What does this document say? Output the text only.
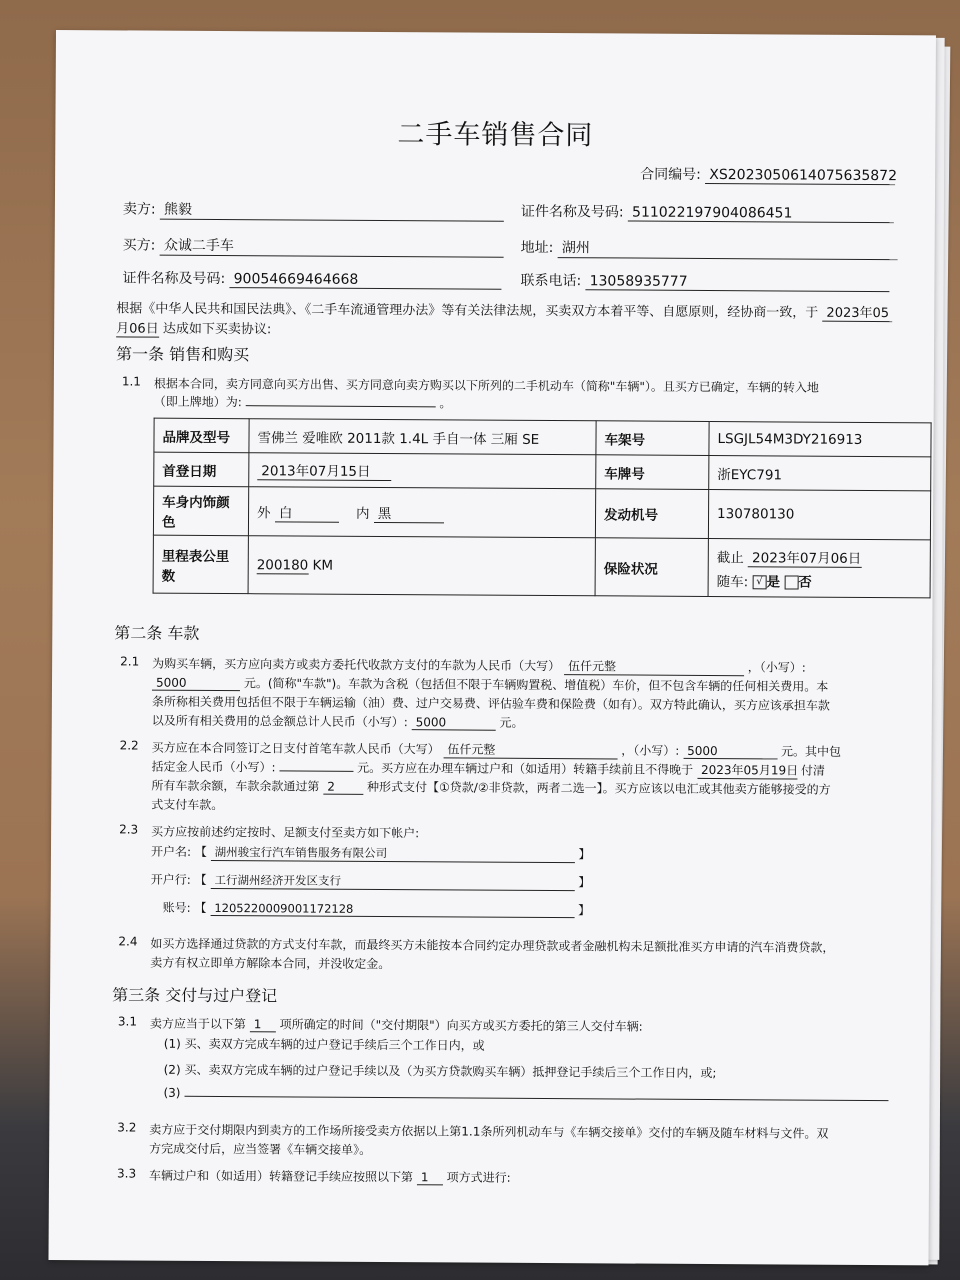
二手车销售合同
合同编号: XS2023050614075635872
卖方: 熊毅	证件名称及号码: 511022197904086451
买方: 众诚二手车	地址: 湖州
证件名称及号码: 90054669464668	联系电话: 13058935777
根据《中华人民共和国民法典》、《二手车流通管理办法》等有关法律法规，买卖双方本着平等、自愿原则，经协商一致，于 2023年05
月06日 达成如下买卖协议:
第一条 销售和购买
1.1 根据本合同，卖方同意向买方出售、买方同意向卖方购买以下所列的二手机动车（简称"车辆"）。且买方已确定，车辆的转入地
（即上牌地）为:	。
品牌及型号	雪佛兰 爱唯欧 2011款 1.4L 手自一体 三厢 SE	车架号	LSGJL54M3DY216913
首登日期	2013年07月15日	车牌号	浙EYC791
车身内饰颜色	外 白 内 黑	发动机号	130780130
里程表公里数	200180 KM	保险状况	截止 2023年07月06日
随车: √ 是 否
第二条 车款
2.1 为购买车辆，买方应向卖方或卖方委托代收款方支付的车款为人民币（大写） 伍仟元整	，（小写）:
5000	元。(简称"车款")。车款为含税（包括但不限于车辆购置税、增值税）车价，但不包含车辆的任何相关费用。本
条所称相关费用包括但不限于车辆运输（油）费、过户交易费、评估验车费和保险费（如有）。双方特此确认，买方应该承担车款
以及所有相关费用的总金额总计人民币（小写）: 5000	元。
2.2 买方应在本合同签订之日支付首笔车款人民币（大写） 伍仟元整	，（小写）: 5000	元。其中包
括定金人民币（小写）:	元。买方应在办理车辆过户和（如适用）转籍手续前且不得晚于 2023年05月19日 付清
所有车款余额，车款余款通过第 2	种形式支付【①贷款/②非贷款，两者二选一】。买方应该以电汇或其他卖方能够接受的方
式支付车款。
2.3 买方应按前述约定按时、足额支付至卖方如下帐户:
开户名: 【 湖州骏宝行汽车销售服务有限公司	】
开户行: 【 工行湖州经济开发区支行	】
账号: 【 1205220009001172128	】
2.4 如买方选择通过贷款的方式支付车款，而最终买方未能按本合同约定办理贷款或者金融机构未足额批准买方申请的汽车消费贷款，
卖方有权立即单方解除本合同，并没收定金。
第三条 交付与过户登记
3.1 卖方应当于以下第 1 项所确定的时间（"交付期限"）向买方或买方委托的第三人交付车辆:
(1) 买、卖双方完成车辆的过户登记手续后三个工作日内，或
(2) 买、卖双方完成车辆的过户登记手续以及（为买方贷款购买车辆）抵押登记手续后三个工作日内，或;
(3)
3.2 卖方应于交付期限内到卖方的工作场所接受卖方依据以上第1.1条所列机动车与《车辆交接单》交付的车辆及随车材料与文件。双
方完成交付后，应当签署《车辆交接单》。
3.3 车辆过户和（如适用）转籍登记手续应按照以下第 1 项方式进行:
